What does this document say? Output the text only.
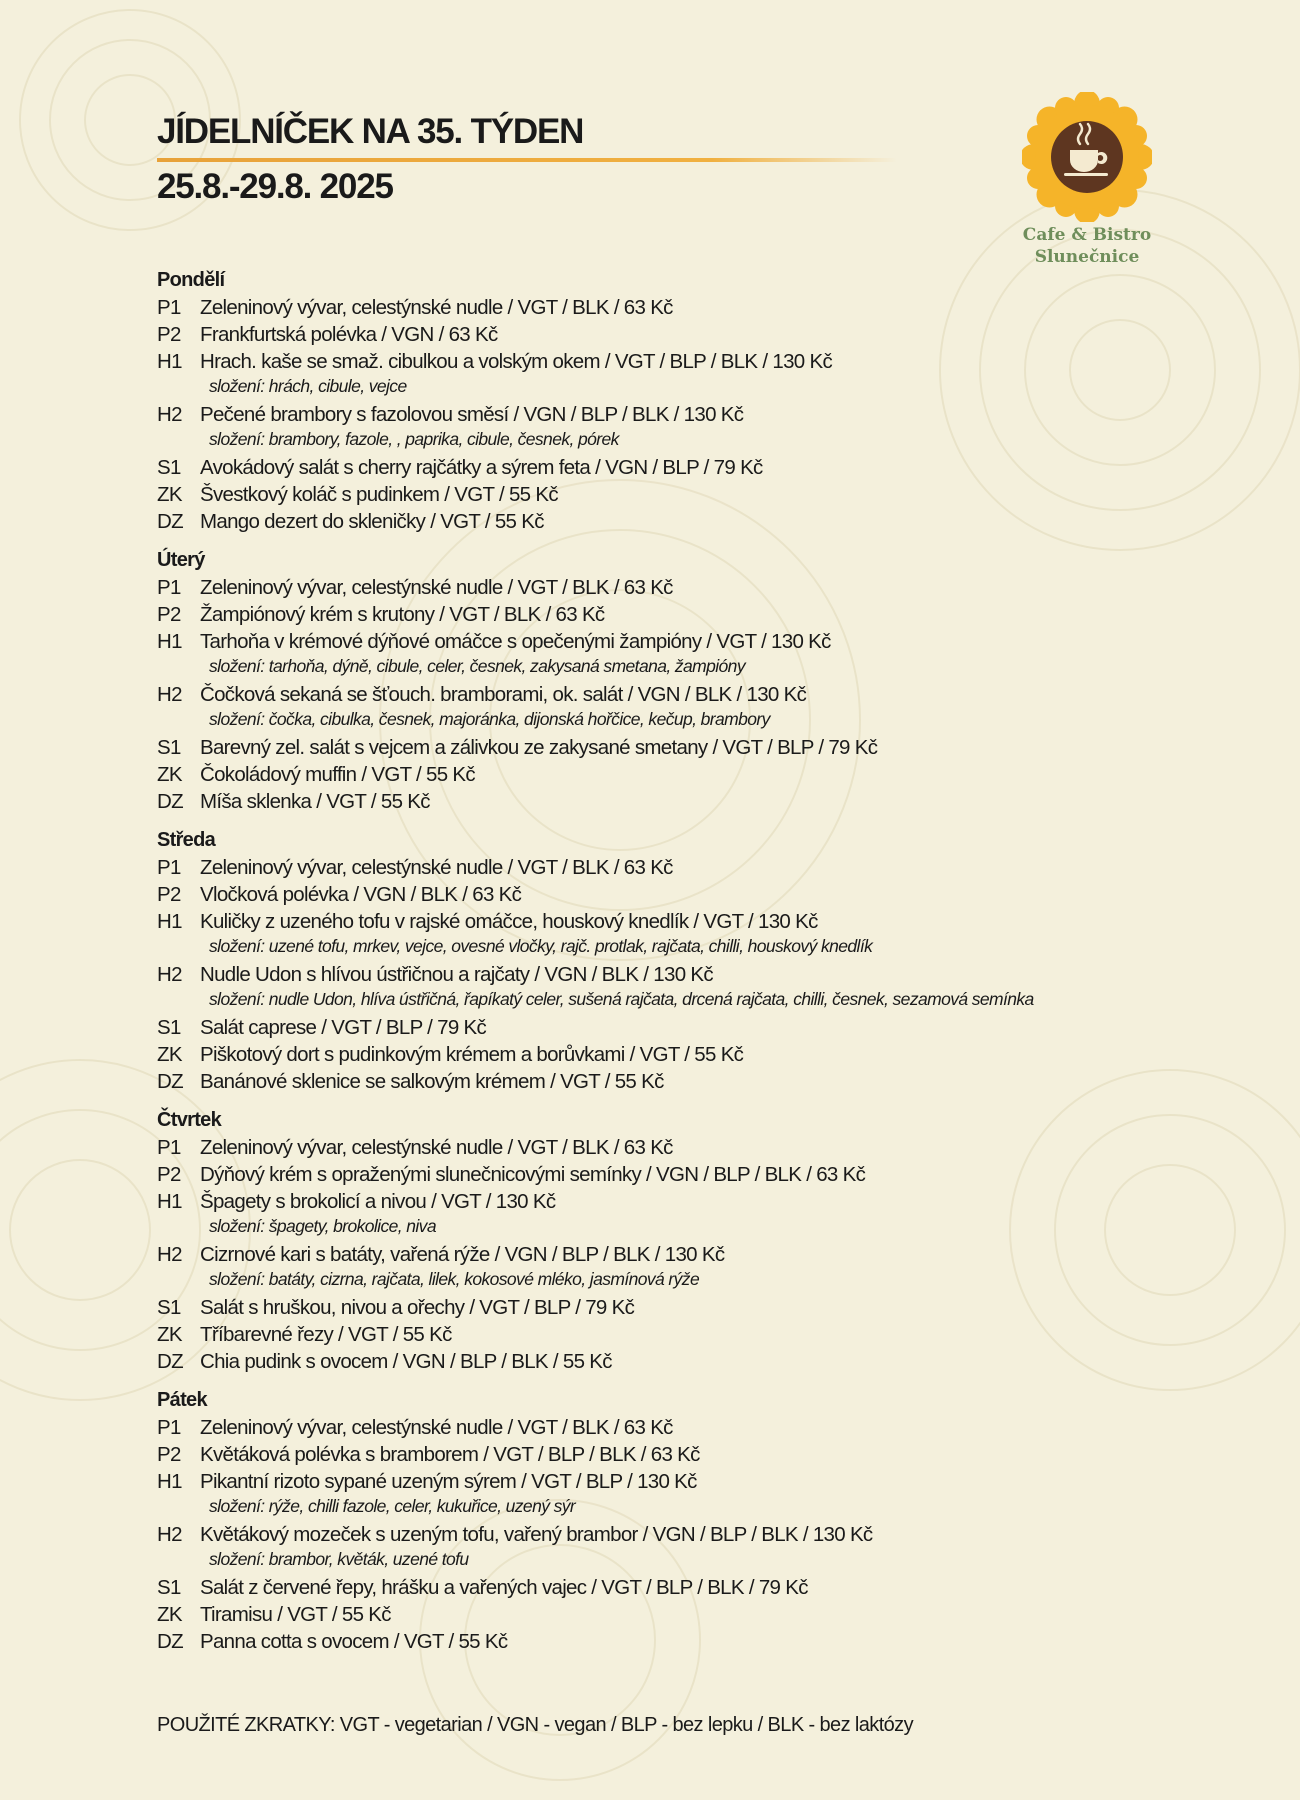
JÍDELNÍČEK NA 35. TÝDEN
25.8.-29.8. 2025
Cafe & Bistro
Slunečnice
Pondělí
P1 Zeleninový vývar, celestýnské nudle / VGT / BLK / 63 Kč
P2 Frankfurtská polévka / VGN / 63 Kč
H1 Hrach. kaše se smaž. cibulkou a volským okem / VGT / BLP / BLK / 130 Kč
složení: hrách, cibule, vejce
H2 Pečené brambory s fazolovou směsí / VGN / BLP / BLK / 130 Kč
složení: brambory, fazole, , paprika, cibule, česnek, pórek
S1 Avokádový salát s cherry rajčátky a sýrem feta / VGN / BLP / 79 Kč
ZK Švestkový koláč s pudinkem / VGT / 55 Kč
DZ Mango dezert do skleničky / VGT / 55 Kč
Úterý
P1 Zeleninový vývar, celestýnské nudle / VGT / BLK / 63 Kč
P2 Žampiónový krém s krutony / VGT / BLK / 63 Kč
H1 Tarhoňa v krémové dýňové omáčce s opečenými žampióny / VGT / 130 Kč
složení: tarhoňa, dýně, cibule, celer, česnek, zakysaná smetana, žampióny
H2 Čočková sekaná se šťouch. bramborami, ok. salát / VGN / BLK / 130 Kč
složení: čočka, cibulka, česnek, majoránka, dijonská hořčice, kečup, brambory
S1 Barevný zel. salát s vejcem a zálivkou ze zakysané smetany / VGT / BLP / 79 Kč
ZK Čokoládový muffin / VGT / 55 Kč
DZ Míša sklenka / VGT / 55 Kč
Středa
P1 Zeleninový vývar, celestýnské nudle / VGT / BLK / 63 Kč
P2 Vločková polévka / VGN / BLK / 63 Kč
H1 Kuličky z uzeného tofu v rajské omáčce, houskový knedlík / VGT / 130 Kč
složení: uzené tofu, mrkev, vejce, ovesné vločky, rajč. protlak, rajčata, chilli, houskový knedlík
H2 Nudle Udon s hlívou ústřičnou a rajčaty / VGN / BLK / 130 Kč
složení: nudle Udon, hlíva ústřičná, řapíkatý celer, sušená rajčata, drcená rajčata, chilli, česnek, sezamová semínka
S1 Salát caprese / VGT / BLP / 79 Kč
ZK Piškotový dort s pudinkovým krémem a borůvkami / VGT / 55 Kč
DZ Banánové sklenice se salkovým krémem / VGT / 55 Kč
Čtvrtek
P1 Zeleninový vývar, celestýnské nudle / VGT / BLK / 63 Kč
P2 Dýňový krém s opraženými slunečnicovými semínky / VGN / BLP / BLK / 63 Kč
H1 Špagety s brokolicí a nivou / VGT / 130 Kč
složení: špagety, brokolice, niva
H2 Cizrnové kari s batáty, vařená rýže / VGN / BLP / BLK / 130 Kč
složení: batáty, cizrna, rajčata, lilek, kokosové mléko, jasmínová rýže
S1 Salát s hruškou, nivou a ořechy / VGT / BLP / 79 Kč
ZK Tříbarevné řezy / VGT / 55 Kč
DZ Chia pudink s ovocem / VGN / BLP / BLK / 55 Kč
Pátek
P1 Zeleninový vývar, celestýnské nudle / VGT / BLK / 63 Kč
P2 Květáková polévka s bramborem / VGT / BLP / BLK / 63 Kč
H1 Pikantní rizoto sypané uzeným sýrem / VGT / BLP / 130 Kč
složení: rýže, chilli fazole, celer, kukuřice, uzený sýr
H2 Květákový mozeček s uzeným tofu, vařený brambor / VGN / BLP / BLK / 130 Kč
složení: brambor, květák, uzené tofu
S1 Salát z červené řepy, hrášku a vařených vajec / VGT / BLP / BLK / 79 Kč
ZK Tiramisu / VGT / 55 Kč
DZ Panna cotta s ovocem / VGT / 55 Kč
POUŽITÉ ZKRATKY: VGT - vegetarian / VGN - vegan / BLP - bez lepku / BLK - bez laktózy
